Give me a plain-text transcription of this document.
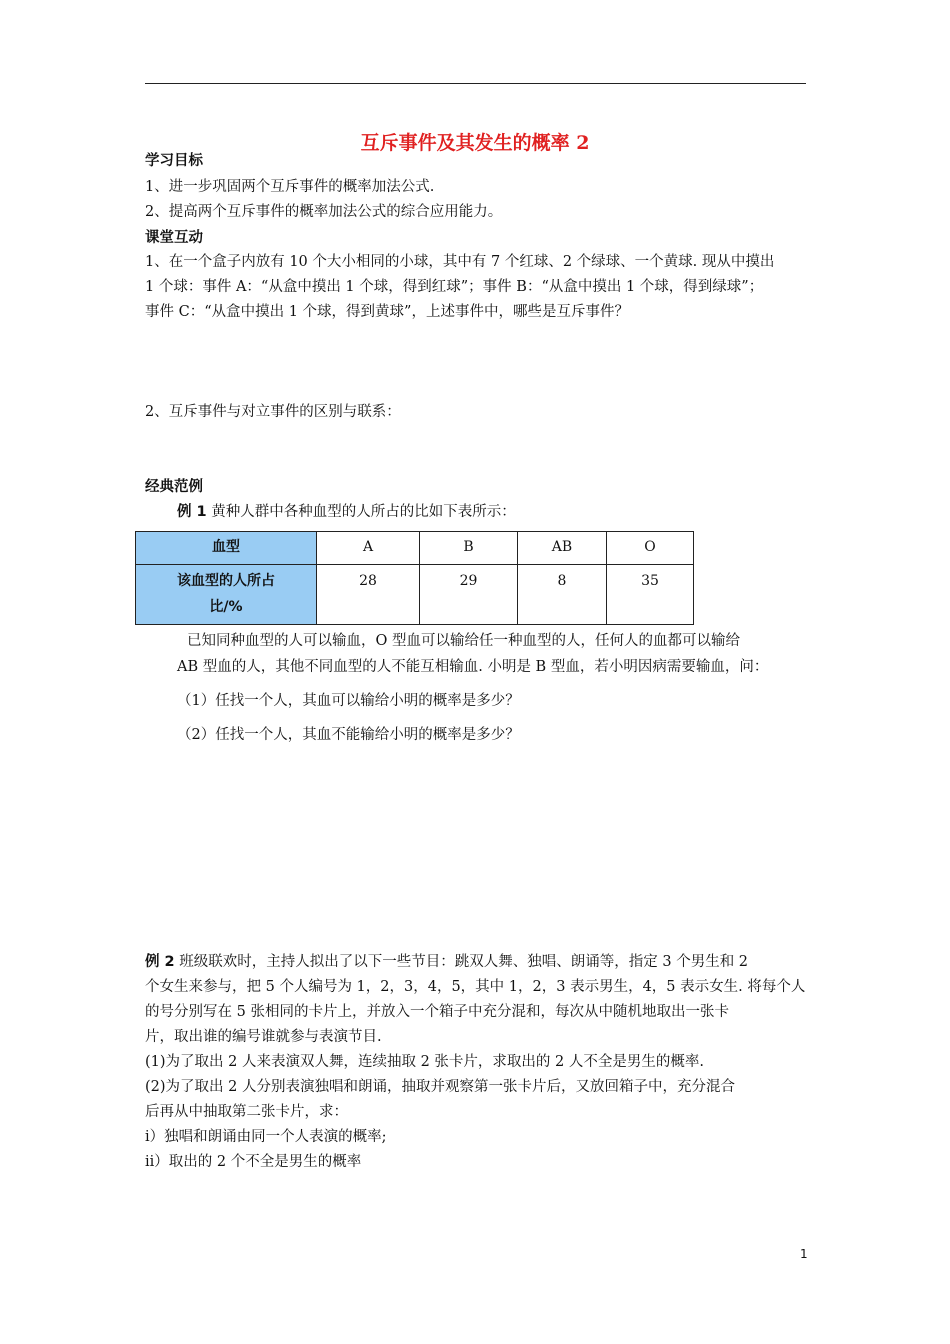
互斥事件及其发生的概率 2
学习目标
1、进一步巩固两个互斥事件的概率加法公式.
2、提高两个互斥事件的概率加法公式的综合应用能力。
课堂互动
1、在一个盒子内放有 10 个大小相同的小球，其中有 7 个红球、2 个绿球、一个黄球. 现从中摸出
1 个球：事件 A：“从盒中摸出 1 个球，得到红球”；事件 B：“从盒中摸出 1 个球，得到绿球”；
事件 C：“从盒中摸出 1 个球，得到黄球”，上述事件中，哪些是互斥事件？
2、互斥事件与对立事件的区别与联系：
经典范例
例 1 黄种人群中各种血型的人所占的比如下表所示：
血型	A	B	AB	O

该血型的人所占
比/%	28	29	8	35
已知同种血型的人可以输血，O 型血可以输给任一种血型的人，任何人的血都可以输给
AB 型血的人，其他不同血型的人不能互相输血. 小明是 B 型血，若小明因病需要输血，问：
（1）任找一个人，其血可以输给小明的概率是多少？
（2）任找一个人，其血不能输给小明的概率是多少？
例 2 班级联欢时，主持人拟出了以下一些节目：跳双人舞、独唱、朗诵等，指定 3 个男生和 2
个女生来参与，把 5 个人编号为 1，2，3，4，5，其中 1，2，3 表示男生，4，5 表示女生. 将每个人
的号分别写在 5 张相同的卡片上，并放入一个箱子中充分混和，每次从中随机地取出一张卡
片，取出谁的编号谁就参与表演节目.
(1)为了取出 2 人来表演双人舞，连续抽取 2 张卡片，求取出的 2 人不全是男生的概率.
(2)为了取出 2 人分别表演独唱和朗诵，抽取并观察第一张卡片后，又放回箱子中，充分混合
后再从中抽取第二张卡片，求：
i）独唱和朗诵由同一个人表演的概率;
ii）取出的 2 个不全是男生的概率
1
